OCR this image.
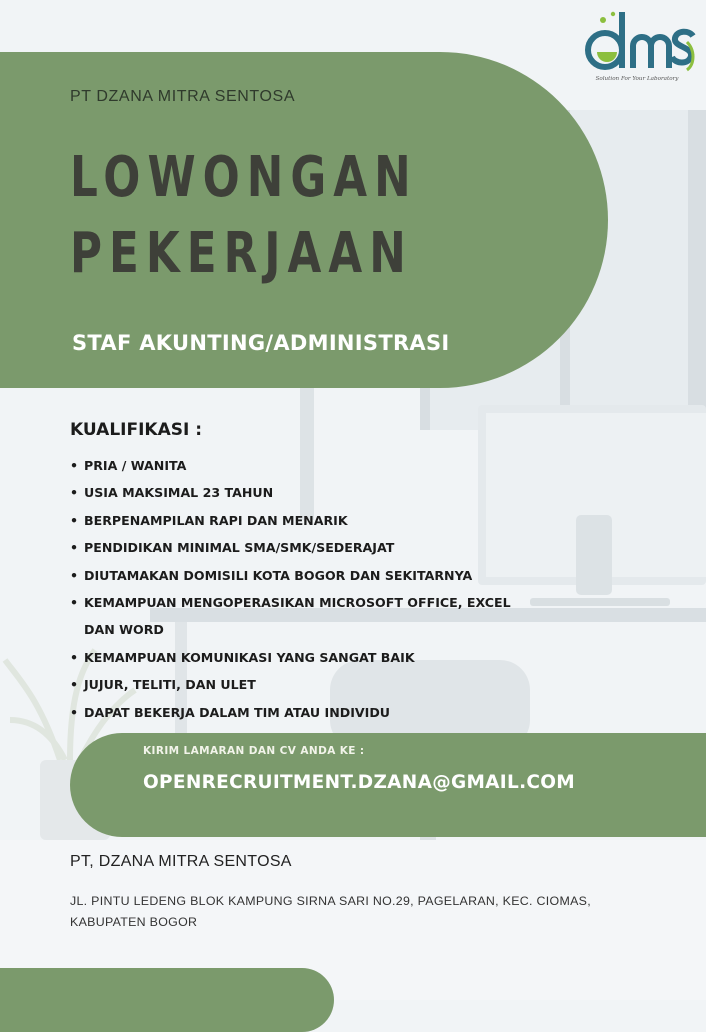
Solution For Your Laboratory
PT DZANA MITRA SENTOSA
LOWONGAN
PEKERJAAN
STAF AKUNTING/ADMINISTRASI
KUALIFIKASI :
• PRIA / WANITA
• USIA MAKSIMAL 23 TAHUN
• BERPENAMPILAN RAPI DAN MENARIK
• PENDIDIKAN MINIMAL SMA/SMK/SEDERAJAT
• DIUTAMAKAN DOMISILI KOTA BOGOR DAN SEKITARNYA
• KEMAMPUAN MENGOPERASIKAN MICROSOFT OFFICE, EXCEL
DAN WORD
• KEMAMPUAN KOMUNIKASI YANG SANGAT BAIK
• JUJUR, TELITI, DAN ULET
• DAPAT BEKERJA DALAM TIM ATAU INDIVIDU
KIRIM LAMARAN DAN CV ANDA KE :
OPENRECRUITMENT.DZANA@GMAIL.COM
PT, DZANA MITRA SENTOSA
JL. PINTU LEDENG BLOK KAMPUNG SIRNA SARI NO.29, PAGELARAN, KEC. CIOMAS, KABUPATEN BOGOR
